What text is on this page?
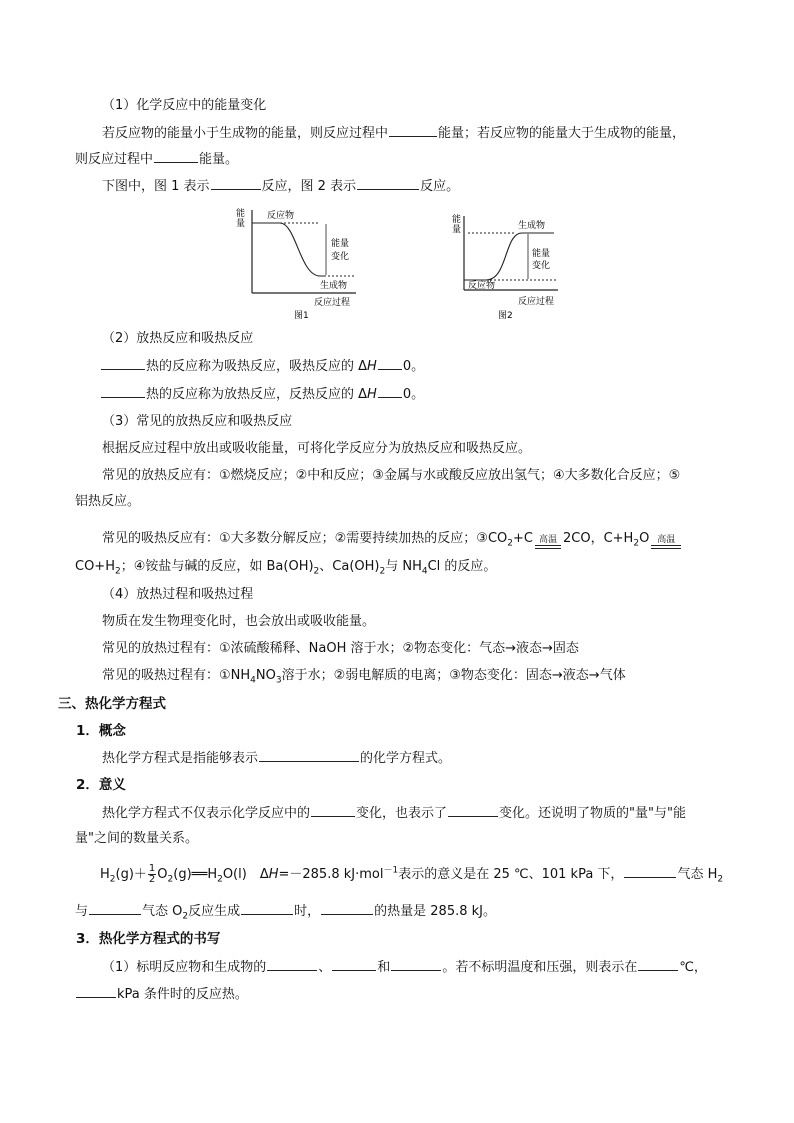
（1）化学反应中的能量变化
若反应物的能量小于生成物的能量，则反应过程中	能量；若反应物的能量大于生成物的能量，
则反应过程中	能量。
下图中，图 1 表示	反应，图 2 表示	反应。
能
量
反应物
能量
变化
生成物
反应过程
图1
能
量	生成物
能量
变化
反应物
反应过程
图2
（2）放热反应和吸热反应
热的反应称为吸热反应，吸热反应的 ΔH 0。
热的反应称为放热反应，反热反应的 ΔH 0。
（3）常见的放热反应和吸热反应
根据反应过程中放出或吸收能量，可将化学反应分为放热反应和吸热反应。
常见的放热反应有：①燃烧反应；②中和反应；③金属与水或酸反应放出氢气；④大多数化合反应；⑤
铝热反应。
常见的吸热反应有：①大多数分解反应；②需要持续加热的反应；$③CO_2+C$ 高温 2CO，$C+H_2O$ 高温
$CO+H_2$；④铵盐与碱的反应，如 $Ba(OH)_2$、$Ca(OH)_2$与 $NH_4Cl$ 的反应。
（4）放热过程和吸热过程
物质在发生物理变化时，也会放出或吸收能量。
常见的放热过程有：①浓硫酸稀释、NaOH 溶于水；②物态变化：气态→液态→固态
常见的吸热过程有：$①NH_4NO_3$溶于水；②弱电解质的电离；③物态变化：固态→液态→气体
三、热化学方程式
1．概念
热化学方程式是指能够表示	的化学方程式。
2．意义
热化学方程式不仅表示化学反应中的	变化，也表示了	变化。还说明了物质的"量"与"能
量"之间的数量关系。
$H_2(g)+ \frac{1}{2}$ $O_2(g)══H_2O(l)$　ΔH=－285.8 kJ·mol$^{-1}$表示的意义是在 25 ℃、101 kPa 下，	气态 $H_2$
与	气态 $O_2$反应生成	时，	的热量是 285.8 kJ。
3．热化学方程式的书写
（1）标明反应物和生成物的	、	和	。若不标明温度和压强，则表示在	℃，
kPa 条件时的反应热。
